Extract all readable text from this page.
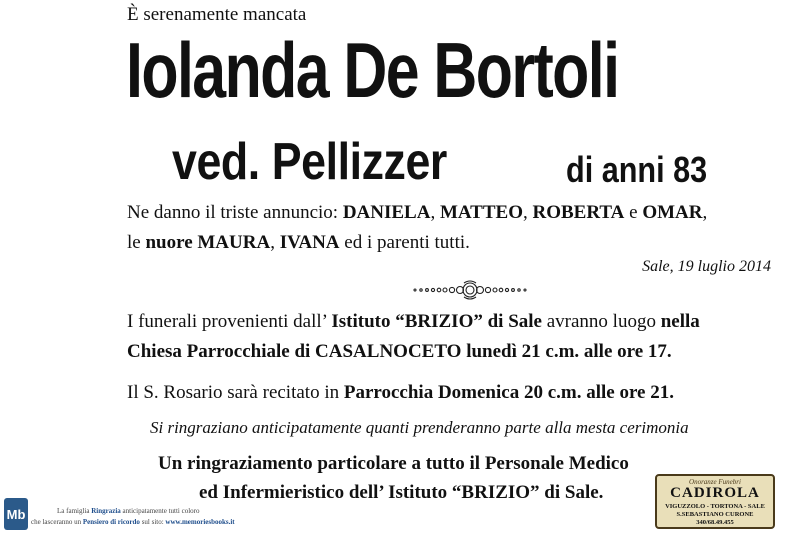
È serenamente mancata
Iolanda De Bortoli
ved. Pellizzer	di anni 83
Ne danno il triste annuncio: DANIELA, MATTEO, ROBERTA e OMAR,
le nuore MAURA, IVANA ed i parenti tutti.
Sale, 19 luglio 2014
I funerali provenienti dall’ Istituto “BRIZIO” di Sale avranno luogo nella
Chiesa Parrocchiale di CASALNOCETO lunedì 21 c.m. alle ore 17.
Il S. Rosario sarà recitato in Parrocchia Domenica 20 c.m. alle ore 21.
Si ringraziano anticipatamente quanti prenderanno parte alla mesta cerimonia
Un ringraziamento particolare a tutto il Personale Medico
ed Infermieristico dell’ Istituto “BRIZIO” di Sale.
Mb	La famiglia Ringrazia anticipatamente tutti coloro
che lasceranno un Pensiero di ricordo sul sito: www.memoriesbooks.it
Onoranze Funebri
CADIROLA
VIGUZZOLO - TORTONA - SALE
S.SEBASTIANO CURONE
340/68.49.455
